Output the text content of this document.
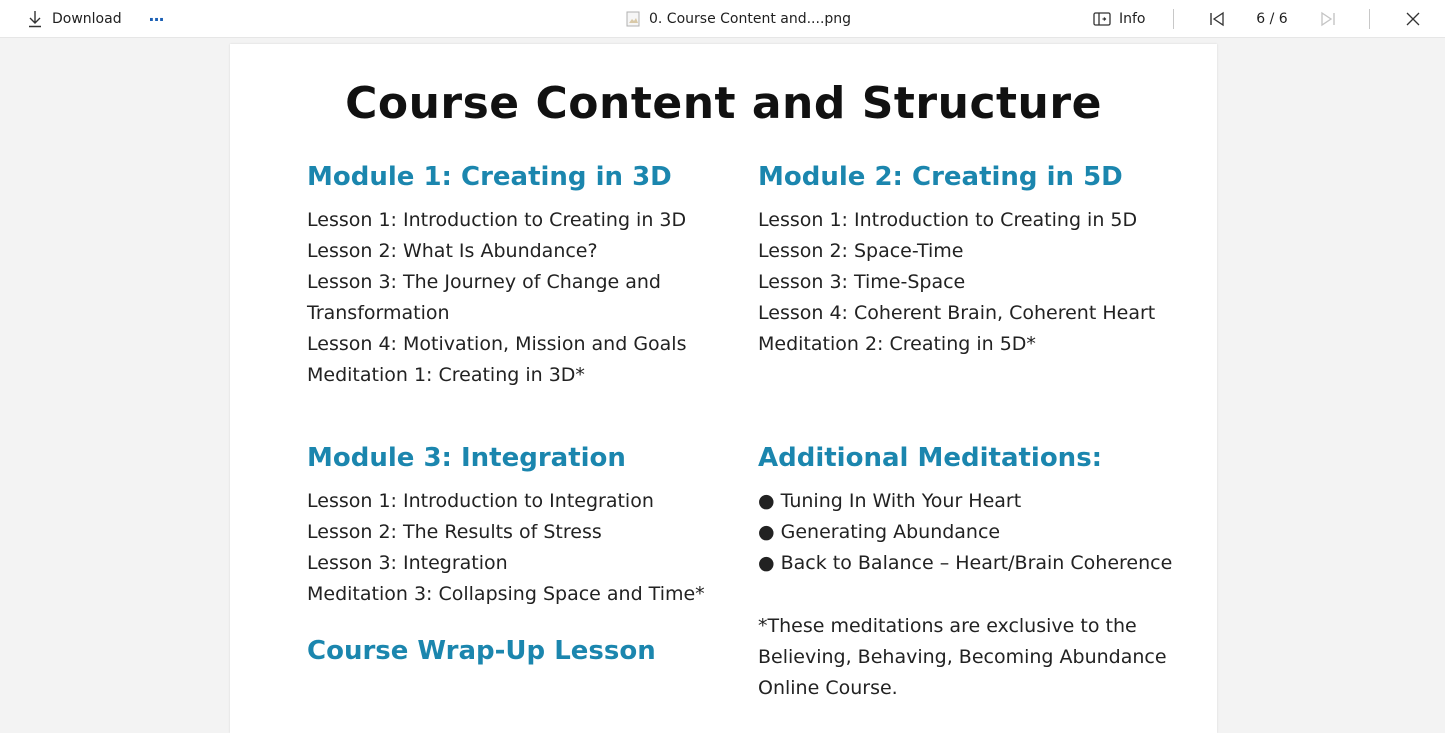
Download ···	0. Course Content and....png	Info	6 / 6
Course Content and Structure
Module 1: Creating in 3D
Lesson 1: Introduction to Creating in 3D
Lesson 2: What Is Abundance?
Lesson 3: The Journey of Change and Transformation
Lesson 4: Motivation, Mission and Goals
Meditation 1: Creating in 3D*
Module 2: Creating in 5D
Lesson 1: Introduction to Creating in 5D
Lesson 2: Space-Time
Lesson 3: Time-Space
Lesson 4: Coherent Brain, Coherent Heart
Meditation 2: Creating in 5D*
Module 3: Integration
Lesson 1: Introduction to Integration
Lesson 2: The Results of Stress
Lesson 3: Integration
Meditation 3: Collapsing Space and Time*
Additional Meditations:
● Tuning In With Your Heart
● Generating Abundance
● Back to Balance – Heart/Brain Coherence
Course Wrap-Up Lesson

*These meditations are exclusive to the Believing, Behaving, Becoming Abundance Online Course.
